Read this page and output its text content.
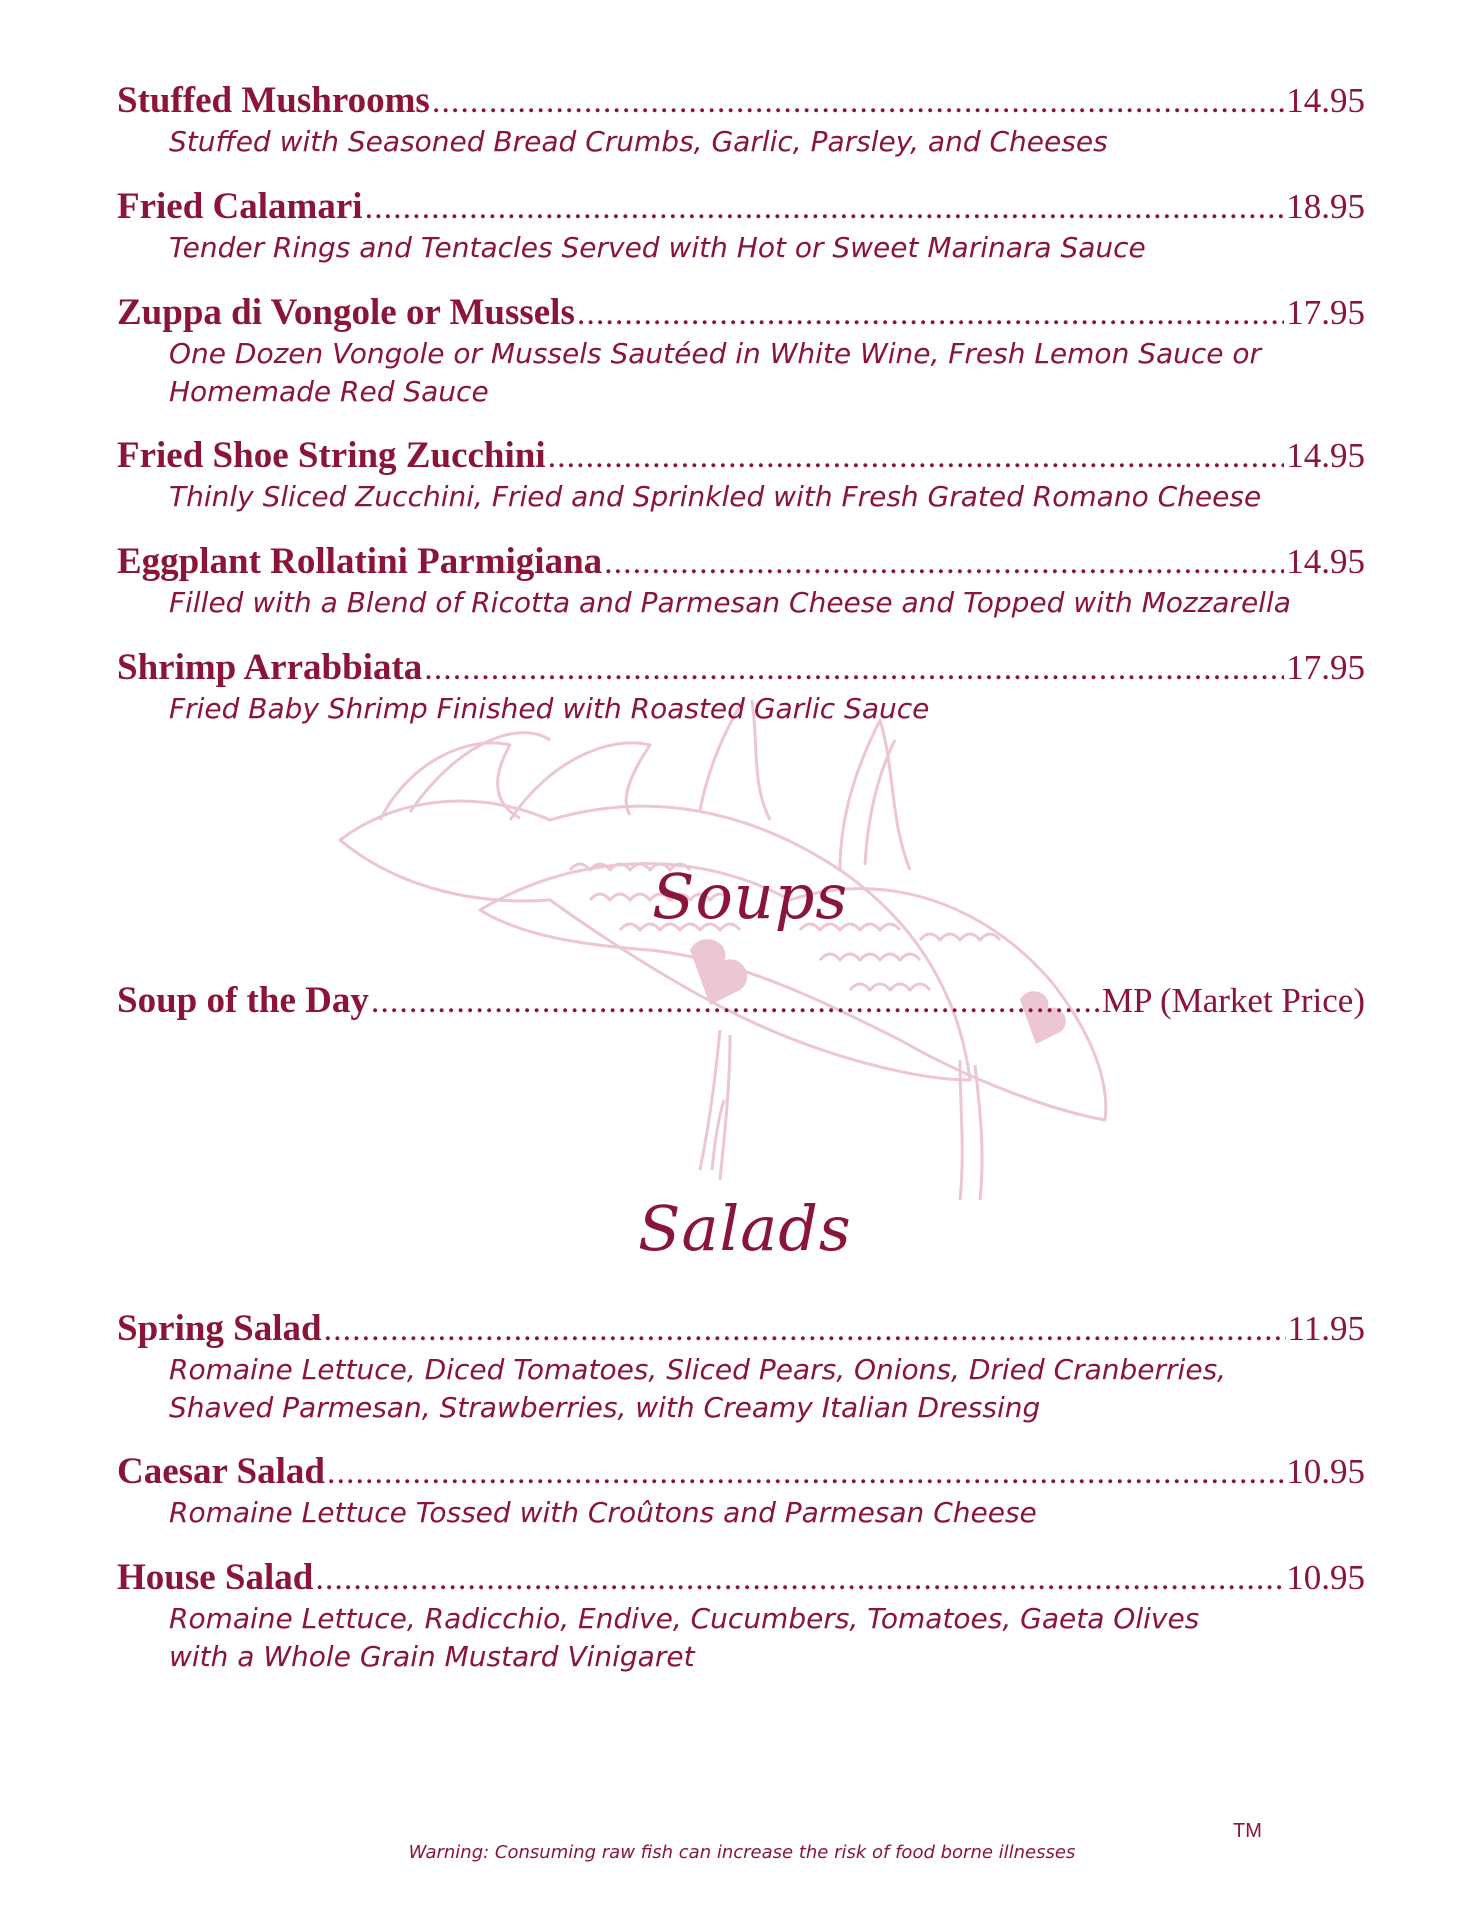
Stuffed Mushrooms .....	14.95
Stuffed with Seasoned Bread Crumbs, Garlic, Parsley, and Cheeses
Fried Calamari .....	18.95
Tender Rings and Tentacles Served with Hot or Sweet Marinara Sauce
Zuppa di Vongole or Mussels .....	17.95
One Dozen Vongole or Mussels Sautéed in White Wine, Fresh Lemon Sauce or
Homemade Red Sauce
Fried Shoe String Zucchini .....	14.95
Thinly Sliced Zucchini, Fried and Sprinkled with Fresh Grated Romano Cheese
Eggplant Rollatini Parmigiana .....	14.95
Filled with a Blend of Ricotta and Parmesan Cheese and Topped with Mozzarella
Shrimp Arrabbiata .....	17.95
Fried Baby Shrimp Finished with Roasted Garlic Sauce
Soups
Soup of the Day .....	MP (Market Price)
Salads
Spring Salad .....	11.95
Romaine Lettuce, Diced Tomatoes, Sliced Pears, Onions, Dried Cranberries,
Shaved Parmesan, Strawberries, with Creamy Italian Dressing
Caesar Salad .....	10.95
Romaine Lettuce Tossed with Croûtons and Parmesan Cheese
House Salad .....	10.95
Romaine Lettuce, Radicchio, Endive, Cucumbers, Tomatoes, Gaeta Olives
with a Whole Grain Mustard Vinigaret
TM
Warning: Consuming raw fish can increase the risk of food borne illnesses
